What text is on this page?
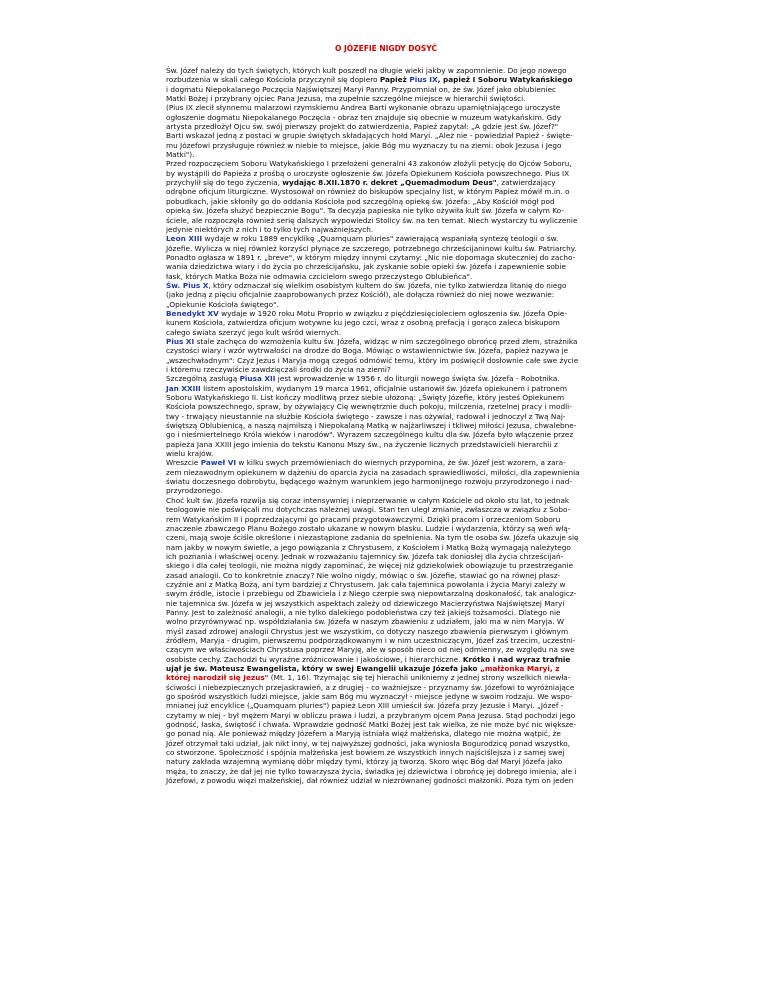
O JÓZEFIE NIGDY DOSYĆ

Św. Józef należy do tych świętych, których kult poszedł na długie wieki jakby w zapomnienie. Do jego nowego

rozbudzenia w skali całego Kościoła przyczynił się dopiero Papież Pius IX, papież I Soboru Watykańskiego

i dogmatu Niepokalanego Poczęcia Najświętszej Maryi Panny. Przypomniał on, że św. Józef jako oblubieniec

Matki Bożej i przybrany ojciec Pana Jezusa, ma zupełnie szczególne miejsce w hierarchii świętości.

(Pius IX zlecił słynnemu malarzowi rzymskiemu Andrea Barti wykonanie obrazu upamiętniającego uroczyste

ogłoszenie dogmatu Niepokalanego Poczęcia - obraz ten znajduje się obecnie w muzeum watykańskim. Gdy

artysta przedłożył Ojcu św. swój pierwszy projekt do zatwierdzenia, Papież zapytał: „A gdzie jest św. Józef?"

Barti wskazał jedną z postaci w grupie świętych składających hołd Maryi. „Ależ nie - powiedział Papież - święte-

mu Józefowi przysługuje również w niebie to miejsce, jakie Bóg mu wyznaczy tu na ziemi: obok Jezusa i Jego

Matki").

Przed rozpoczęciem Soboru Watykańskiego I przełożeni generalni 43 zakonów złożyli petycję do Ojców Soboru,

by wystąpili do Papieża z prośbą o uroczyste ogłoszenie św. Józefa Opiekunem Kościoła powszechnego. Pius IX

przychylił się do tego życzenia, wydając 8.XII.1870 r. dekret „Quemadmodum Deus", zatwierdzający

odrębne oficjum liturgiczne. Wystosował on również do biskupów specjalny list, w którym Papież mówił m.in. o

pobudkach, jakie skłoniły go do oddania Kościoła pod szczególną opiekę św. Józefa: „Aby Kościół mógł pod

opieką św. Józefa służyć bezpiecznie Bogu". Ta decyzja papieska nie tylko ożywiła kult św. Józefa w całym Ko-

ściele, ale rozpoczęła również serię dalszych wypowiedzi Stolicy św. na ten temat. Niech wystarczy tu wyliczenie

jedynie niektórych z nich i to tylko tych najważniejszych.

Leon XIII wydaje w roku 1889 encyklikę „Quamquam pluries" zawierającą wspaniałą syntezę teologii o św.

Józefie. Wylicza w niej również korzyści płynące ze szczerego, potrzebnego chrześcijaninowi kultu św. Patriarchy.

Ponadto ogłasza w 1891 r. „breve", w którym między innymi czytamy: „Nic nie dopomaga skuteczniej do zacho-

wania dziedzictwa wiary i do życia po chrześcijańsku, jak zyskanie sobie opieki św. Józefa i zapewnienie sobie

łask, których Matka Boża nie odmawia czcicielom swego przeczystego Oblubieńca".

Św. Pius X, który odznaczał się wielkim osobistym kultem do św. Józefa, nie tylko zatwierdza litanię do niego

(jako jedną z pięciu oficjalnie zaaprobowanych przez Kościół), ale dołącza również do niej nowe wezwanie:

„Opiekunie Kościoła świętego".

Benedykt XV wydaje w 1920 roku Motu Proprio w związku z pięćdziesięcioleciem ogłoszenia św. Józefa Opie-

kunem Kościoła, zatwierdza oficjum wotywne ku jego czci, wraz z osobną prefacją i gorąco zaleca biskupom

całego świata szerzyć jego kult wśród wiernych.

Pius XI stale zachęca do wzmożenia kultu św. Józefa, widząc w nim szczególnego obrońcę przed złem, strażnika

czystości wiary i wzór wytrwałości na drodze do Boga. Mówiąc o wstawiennictwie św. Józefa, papież nazywa je

„wszechwładnym": Czyż Jezus i Maryja mogą czegoś odmówić temu, który im poświęcił dosłownie całe swe życie

i któremu rzeczywiście zawdzięczali środki do życia na ziemi?

Szczególną zasługą Piusa XII jest wprowadzenie w 1956 r. do liturgii nowego święta św. Józefa - Robotnika.

Jan XXIII listem apostolskim, wydanym 19 marca 1961, oficjalnie ustanowił św. Józefa opiekunem i patronem

Soboru Watykańskiego II. List kończy modlitwą przez siebie ułożoną: „Święty Józefie, który jesteś Opiekunem

Kościoła powszechnego, spraw, by ożywiający Cię wewnętrznie duch pokoju, milczenia, rzetelnej pracy i modli-

twy - trwający nieustannie na służbie Kościoła świętego - zawsze i nas ożywiał, radował i jednoczył z Twą Naj-

świętszą Oblubienicą, a naszą najmilszą i Niepokalaną Matką w najżarliwszej i tkliwej miłości Jezusa, chwalebne-

go i nieśmiertelnego Króla wieków i narodów". Wyrazem szczególnego kultu dla św. Józefa było włączenie przez

papieża Jana XXIII jego imienia do tekstu Kanonu Mszy św., na życzenie licznych przedstawicieli hierarchii z

wielu krajów.

Wreszcie Paweł VI w kilku swych przemówieniach do wiernych przypomina, że św. Józef jest wzorem, a zara-

zem niezawodnym opiekunem w dążeniu do oparcia życia na zasadach sprawiedliwości, miłości, dla zapewnienia

światu doczesnego dobrobytu, będącego ważnym warunkiem jego harmonijnego rozwoju przyrodzonego i nad-

przyrodzonego.

Choć kult św. Józefa rozwija się coraz intensywniej i nieprzerwanie w całym Kościele od około stu lat, to jednak

teologowie nie poświęcali mu dotychczas należnej uwagi. Stan ten uległ zmianie, zwłaszcza w związku z Sobo-

rem Watykańskim II i poprzedzającymi go pracami przygotowawczymi. Dzięki pracom i orzeczeniom Soboru

znaczenie zbawczego Planu Bożego zostało ukazane w nowym blasku. Ludzie i wydarzenia, którzy są weń włą-

czeni, mają swoje ściśle określone i niezastąpione zadania do spełnienia. Na tym tle osoba św. Józefa ukazuje się

nam jakby w nowym świetle, a jego powiązania z Chrystusem, z Kościołem i Matką Bożą wymagają należytego

ich poznania i właściwej oceny. Jednak w rozważaniu tajemnicy św. Józefa tak doniosłej dla życia chrześcijań-

skiego i dla całej teologii, nie można nigdy zapominać, że więcej niż gdziekolwiek obowiązuje tu przestrzeganie

zasad analogii. Co to konkretnie znaczy? Nie wolno nigdy, mówiąc o św. Józefie, stawiać go na równej płasz-

czyźnie ani z Matką Bożą, ani tym bardziej z Chrystusem. Jak cała tajemnica powołania i życia Maryi zależy w

swym źródle, istocie i przebiegu od Zbawiciela i z Niego czerpie swą niepowtarzalną doskonałość, tak analogicz-

nie tajemnica św. Józefa w jej wszystkich aspektach zależy od dziewiczego Macierzyństwa Najświętszej Maryi

Panny. Jest to zależność analogii, a nie tylko dalekiego podobieństwa czy też jakiejś tożsamości. Dlatego nie

wolno przyrównywać np. współdziałania św. Józefa w naszym zbawieniu z udziałem, jaki ma w nim Maryja. W

myśl zasad zdrowej analogii Chrystus jest we wszystkim, co dotyczy naszego zbawienia pierwszym i głównym

źródłem, Maryja - drugim, pierwszemu podporządkowanym i w nim uczestniczącym, Józef zaś trzecim, uczestni-

czącym we właściwościach Chrystusa poprzez Maryję, ale w sposób nieco od niej odmienny, ze względu na swe

osobiste cechy. Zachodzi tu wyraźne zróżnicowanie i jakościowe, i hierarchiczne. Krótko i nad wyraz trafnie

ujął je św. Mateusz Ewangelista, który w swej Ewangelii ukazuje Józefa jako „małżonka Maryi, z

której narodził się Jezus" (Mt. 1, 16). Trzymając się tej hierachii unikniemy z jednej strony wszelkich niewła-

ściwości i niebezpiecznych przejaskrawień, a z drugiej - co ważniejsze - przyznamy św. Józefowi to wyróżniające

go spośród wszystkich ludzi miejsce, jakie sam Bóg mu wyznaczył - miejsce jedyne w swoim rodzaju. We wspo-

mnianej już encyklice („Quamquam pluries") papież Leon XIII umieścił św. Józefa przy Jezusie i Maryi. „Józef -

czytamy w niej - był mężem Maryi w obliczu prawa i ludzi, a przybranym ojcem Pana Jezusa. Stąd pochodzi jego

godność, łaska, świętość i chwała. Wprawdzie godność Matki Bożej jest tak wielka, że nie może być nic większe-

go ponad nią. Ale ponieważ między Józefem a Maryją istniała więź małżeńska, dlatego nie można wątpić, że

Józef otrzymał taki udział, jak nikt inny, w tej najwyższej godności, jaka wyniosła Bogurodzicę ponad wszystko,

co stworzone. Społeczność i spójnia małżeńska jest bowiem ze wszystkich innych najściślejsza i z samej swej

natury zakłada wzajemną wymianę dóbr między tymi, którzy ją tworzą. Skoro więc Bóg dał Maryi Józefa jako

męża, to znaczy, że dał jej nie tylko towarzysza życia, świadka jej dziewictwa i obrońcę jej dobrego imienia, ale i

Józefowi, z powodu więzi małżeńskiej, dał również udział w niezrównanej godności małżonki. Poza tym on jeden
